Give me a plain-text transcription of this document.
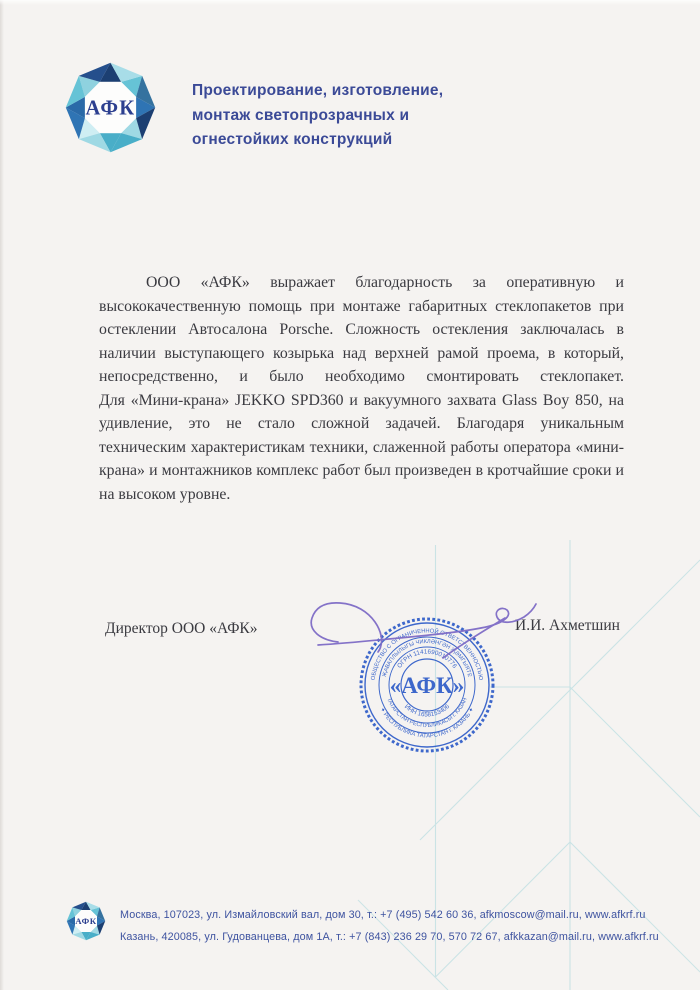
Проектирование, изготовление,
монтаж светопрозрачных и
огнестойких конструкций
ООО «АФК» выражает благодарность за оперативную и
высококачественную помощь при монтаже габаритных стеклопакетов при
остеклении Автосалона Porsche. Сложность остекления заключалась в
наличии выступающего козырька над верхней рамой проема, в который,
непосредственно, и было необходимо смонтировать стеклопакет.
Для «Мини-крана» JEKKO SPD360 и вакуумного захвата Glass Boy 850, на
удивление, это не стало сложной задачей. Благодаря уникальным
техническим характеристикам техники, слаженной работы оператора «мини-
крана» и монтажников комплекс работ был произведен в кротчайшие сроки и
на высоком уровне.
Директор ООО «АФК»	И.И. Ахметшин
ОБЩЕСТВО С ОГРАНИЧЕННОЙ ОТВЕТСТВЕННОСТЬЮ
✦ РЕСПУБЛИКА ТАТАРСТАН г. КАЗАНЬ ✦
ҖАВАПЛЫЛЫГЫ ЧИКЛӘНГӘН ҖӘМГЫЯТЕ
ТАТАРСТАН РЕСПУБЛИКАСЫ г. КАЗАН
ОГРН 1141690010776
ИНН 1658153406
«АФК»
Москва, 107023, ул. Измайловский вал, дом 30, т.: +7 (495) 542 60 36, afkmoscow@mail.ru, www.afkrf.ru
Казань, 420085, ул. Гудованцева, дом 1А, т.: +7 (843) 236 29 70, 570 72 67, afkkazan@mail.ru, www.afkrf.ru
